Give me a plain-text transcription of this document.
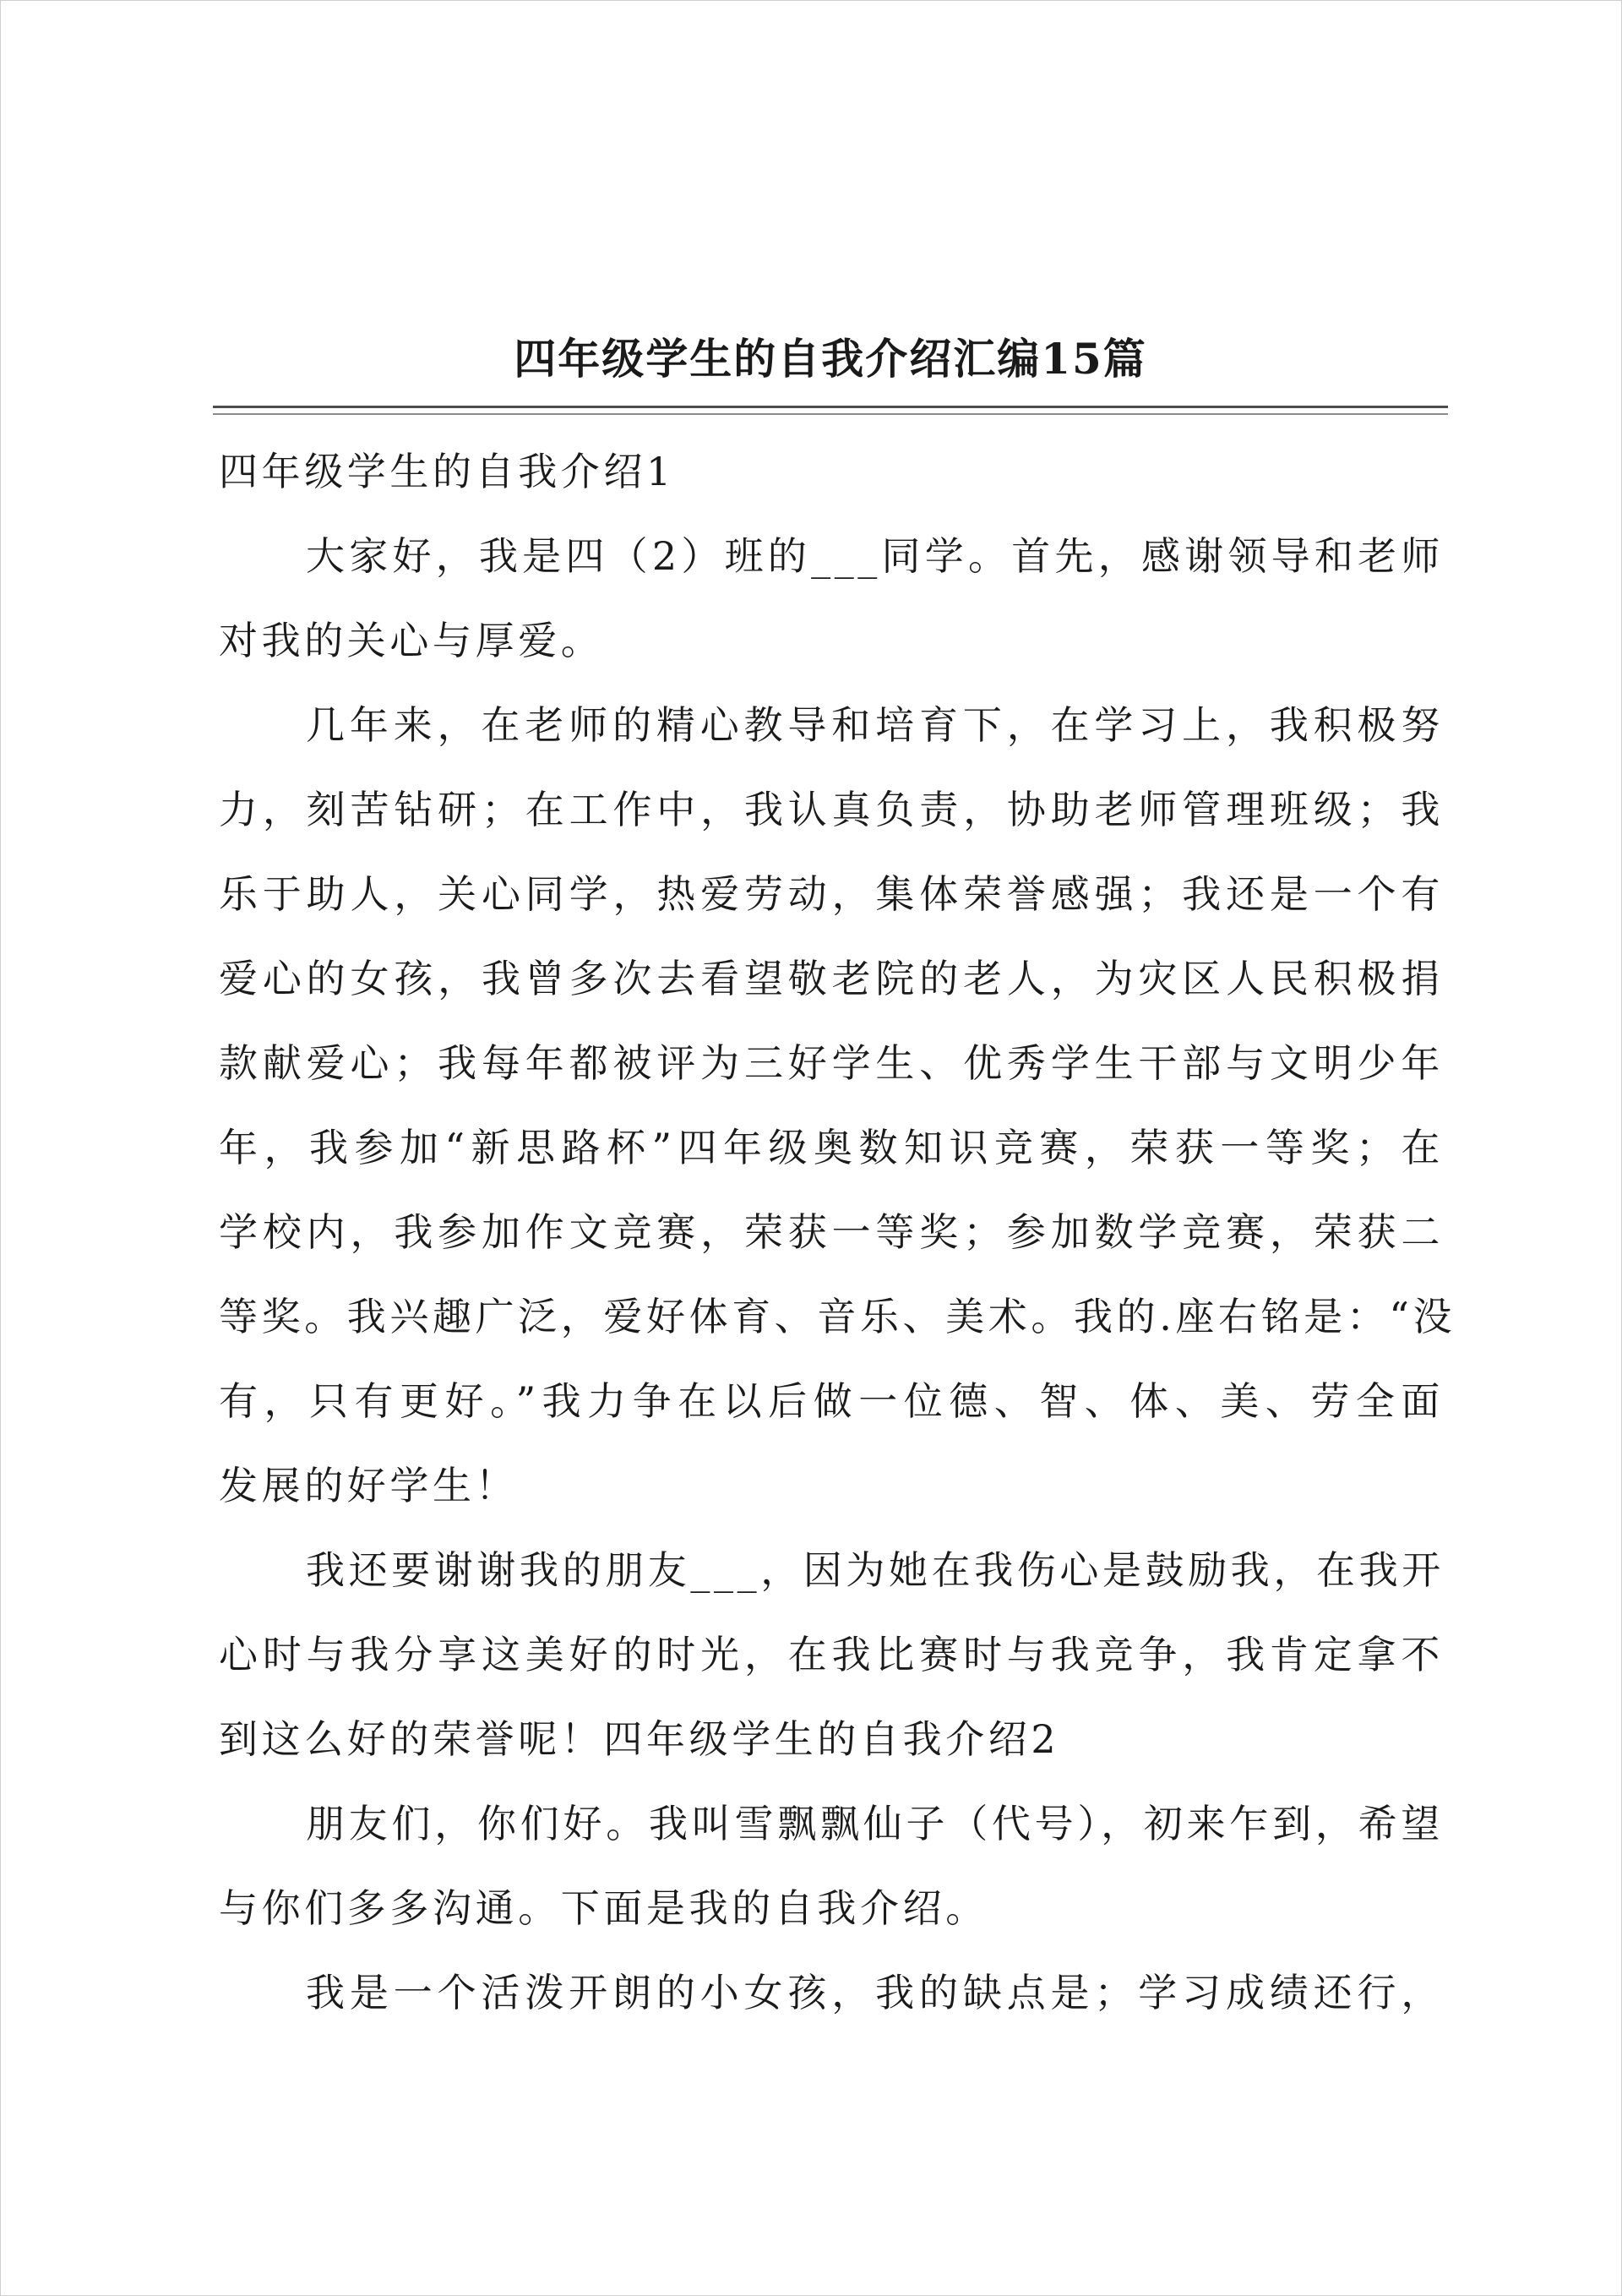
四年级学生的自我介绍汇编15篇
四年级学生的自我介绍1
大家好，我是四（2）班的___同学。首先，感谢领导和老师
对我的关心与厚爱。
几年来，在老师的精心教导和培育下，在学习上，我积极努
力，刻苦钻研；在工作中，我认真负责，协助老师管理班级；我
乐于助人，关心同学，热爱劳动，集体荣誉感强；我还是一个有
爱心的女孩，我曾多次去看望敬老院的老人，为灾区人民积极捐
款献爱心；我每年都被评为三好学生、优秀学生干部与文明少年
年，我参加“新思路杯”四年级奥数知识竞赛，荣获一等奖；在
学校内，我参加作文竞赛，荣获一等奖；参加数学竞赛，荣获二
等奖。我兴趣广泛，爱好体育、音乐、美术。我的.座右铭是：“没
有，只有更好。”我力争在以后做一位德、智、体、美、劳全面
发展的好学生！
我还要谢谢我的朋友___，因为她在我伤心是鼓励我，在我开
心时与我分享这美好的时光，在我比赛时与我竞争，我肯定拿不
到这么好的荣誉呢！四年级学生的自我介绍2
朋友们，你们好。我叫雪飘飘仙子（代号），初来乍到，希望
与你们多多沟通。下面是我的自我介绍。
我是一个活泼开朗的小女孩，我的缺点是；学习成绩还行，
